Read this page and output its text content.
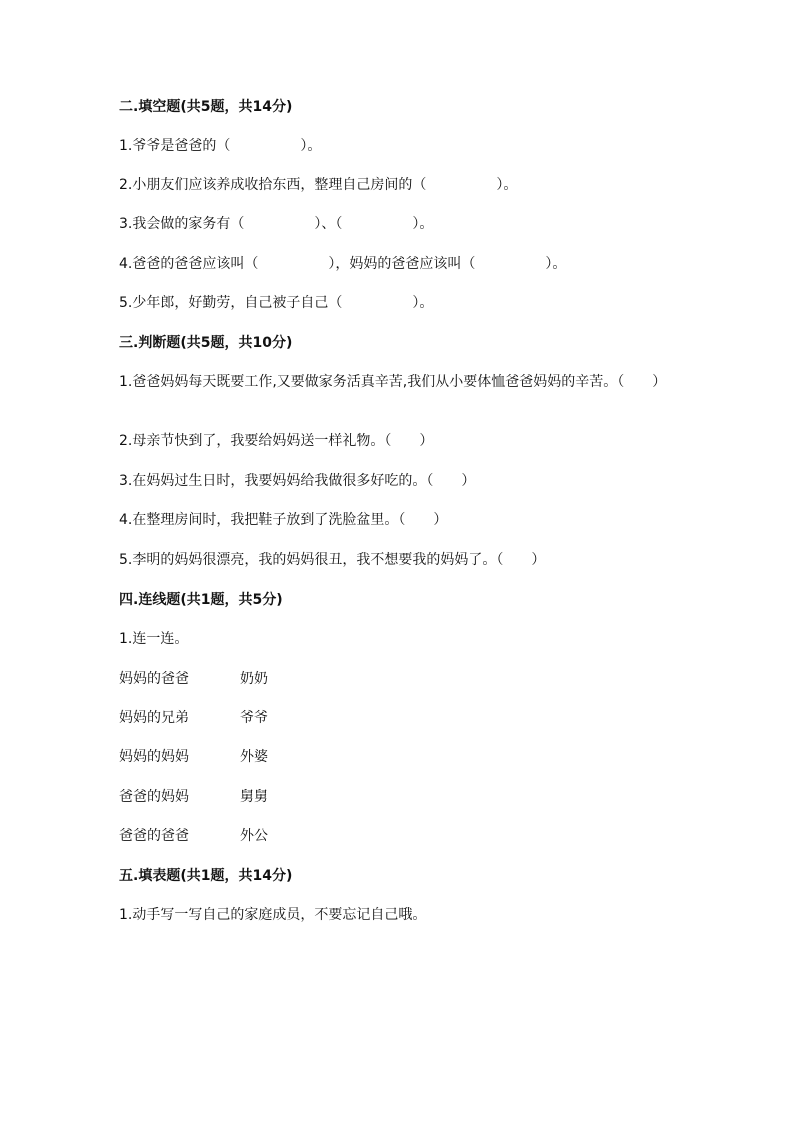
二.填空题(共5题，共14分)
1.爷爷是爸爸的（　　　　　）。
2.小朋友们应该养成收拾东西，整理自己房间的（　　　　　）。
3.我会做的家务有（　　　　　）、（　　　　　）。
4.爸爸的爸爸应该叫（　　　　　），妈妈的爸爸应该叫（　　　　　）。
5.少年郎，好勤劳，自己被子自己（　　　　　）。
三.判断题(共5题，共10分)
1.爸爸妈妈每天既要工作,又要做家务活真辛苦,我们从小要体恤爸爸妈妈的辛苦。（　　）
2.母亲节快到了，我要给妈妈送一样礼物。（　　）
3.在妈妈过生日时，我要妈妈给我做很多好吃的。（　　）
4.在整理房间时，我把鞋子放到了洗脸盆里。（　　）
5.李明的妈妈很漂亮，我的妈妈很丑，我不想要我的妈妈了。（　　）
四.连线题(共1题，共5分)
1.连一连。
妈妈的爸爸	奶奶
妈妈的兄弟	爷爷
妈妈的妈妈	外婆
爸爸的妈妈	舅舅
爸爸的爸爸	外公
五.填表题(共1题，共14分)
1.动手写一写自己的家庭成员，不要忘记自己哦。
